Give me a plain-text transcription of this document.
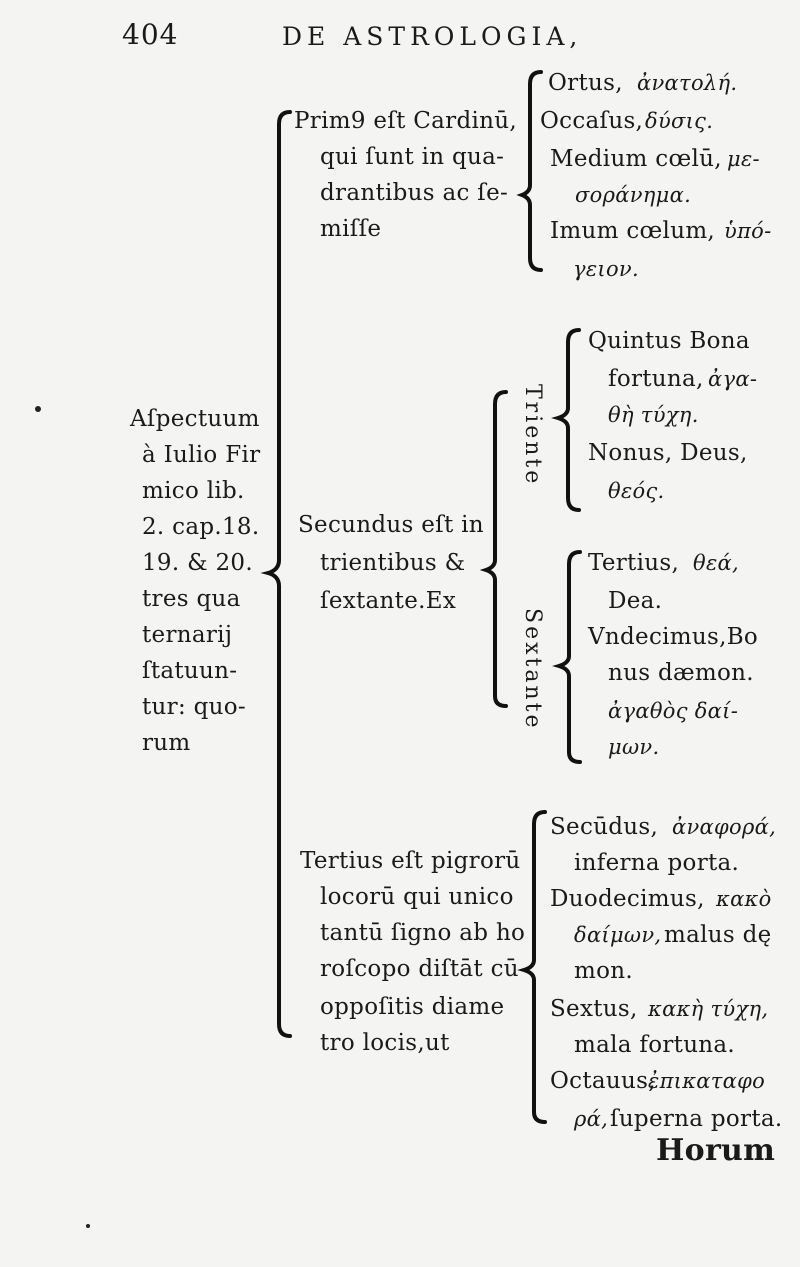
404	DE ASTROLOGIA,
Aſpectuum
à Iulio Fir
mico lib.
2. cap.18.
19. & 20.
tres qua
ternarij
ſtatuun-
tur: quo-
rum
Prim9 eſt Cardinū,
qui ſunt in qua-
drantibus ac ſe-
miſſe
Ortus, ἀνατολή.
Occaſus, δύσις.
Medium cœlū, με-
σοράνημα.
Imum cœlum, ὑπό-
γειον.
Secundus eſt in
trientibus &
ſextante.Ex
Triente
Sextante
Quintus Bona
fortuna, ἀγα-
θὴ τύχη.
Nonus, Deus,
θεός.
Tertius, θεά,
Dea.
Vndecimus,Bo
nus dæmon.
ἀγαθὸς δαί-
μων.
Tertius eſt pigrorū
locorū qui unico
tantū ſigno ab ho
roſcopo diſtāt cū
oppoſitis diame
tro locis,ut
Secūdus, ἀναφορά,
inferna porta.
Duodecimus, κακὸ
δαίμων, malus dę
mon.
Sextus, κακὴ τύχη,
mala fortuna.
Octauus,
ἐπικαταφο
ρά, ſuperna porta.
Horum
